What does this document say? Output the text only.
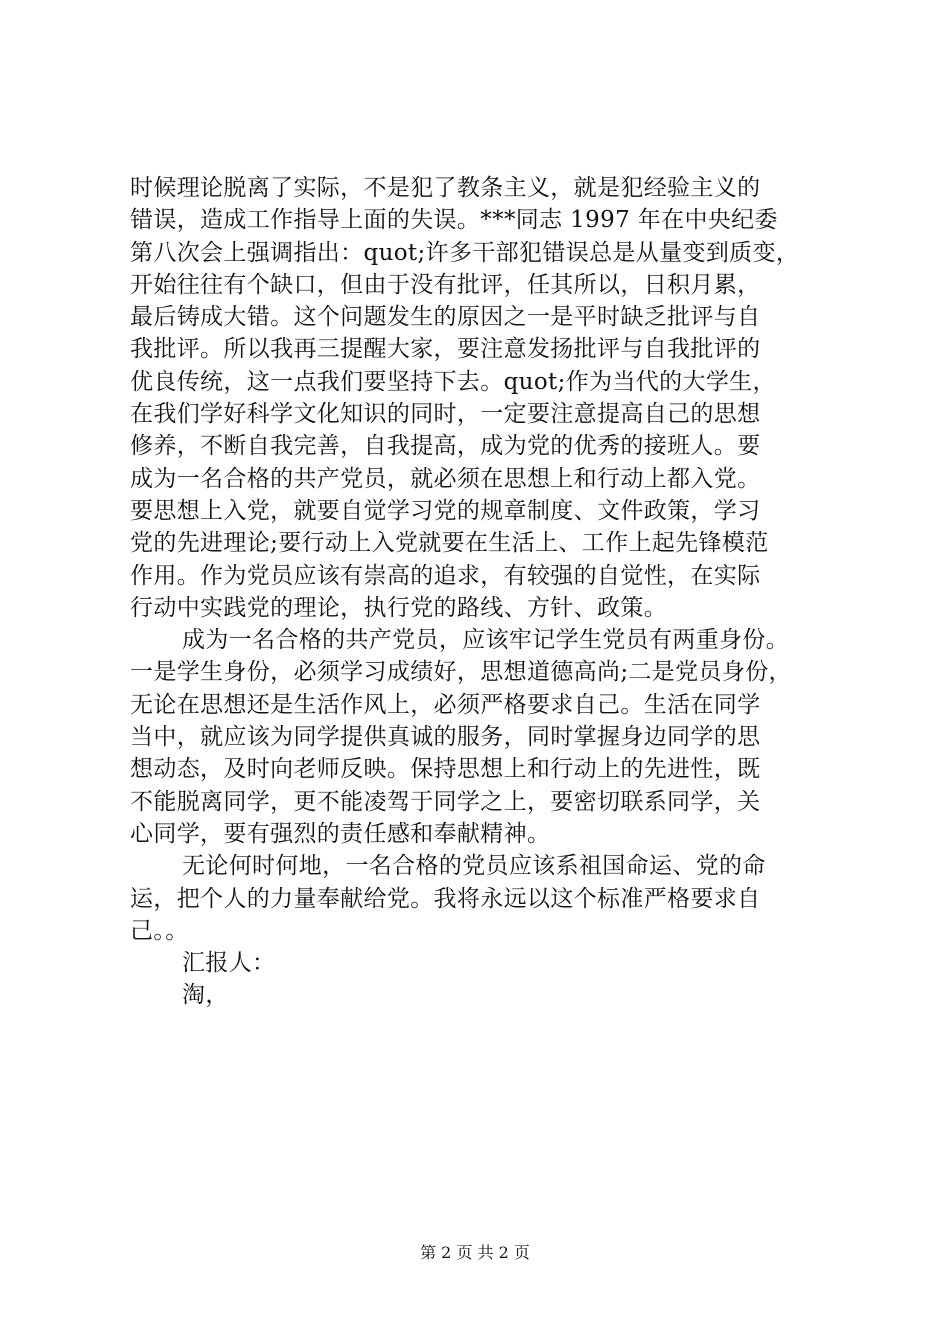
时候理论脱离了实际，不是犯了教条主义，就是犯经验主义的
错误，造成工作指导上面的失误。***同志 1997 年在中央纪委
第八次会上强调指出：quot;许多干部犯错误总是从量变到质变，
开始往往有个缺口，但由于没有批评，任其所以，日积月累，
最后铸成大错。这个问题发生的原因之一是平时缺乏批评与自
我批评。所以我再三提醒大家，要注意发扬批评与自我批评的
优良传统，这一点我们要坚持下去。quot;作为当代的大学生，
在我们学好科学文化知识的同时，一定要注意提高自己的思想
修养，不断自我完善，自我提高，成为党的优秀的接班人。要
成为一名合格的共产党员，就必须在思想上和行动上都入党。
要思想上入党，就要自觉学习党的规章制度、文件政策，学习
党的先进理论;要行动上入党就要在生活上、工作上起先锋模范
作用。作为党员应该有崇高的追求，有较强的自觉性，在实际
行动中实践党的理论，执行党的路线、方针、政策。
成为一名合格的共产党员，应该牢记学生党员有两重身份。
一是学生身份，必须学习成绩好，思想道德高尚;二是党员身份，
无论在思想还是生活作风上，必须严格要求自己。生活在同学
当中，就应该为同学提供真诚的服务，同时掌握身边同学的思
想动态，及时向老师反映。保持思想上和行动上的先进性，既
不能脱离同学，更不能凌驾于同学之上，要密切联系同学，关
心同学，要有强烈的责任感和奉献精神。
无论何时何地，一名合格的党员应该系祖国命运、党的命
运，把个人的力量奉献给党。我将永远以这个标准严格要求自
己。。
汇报人：
淘，
第 2 页 共 2 页
